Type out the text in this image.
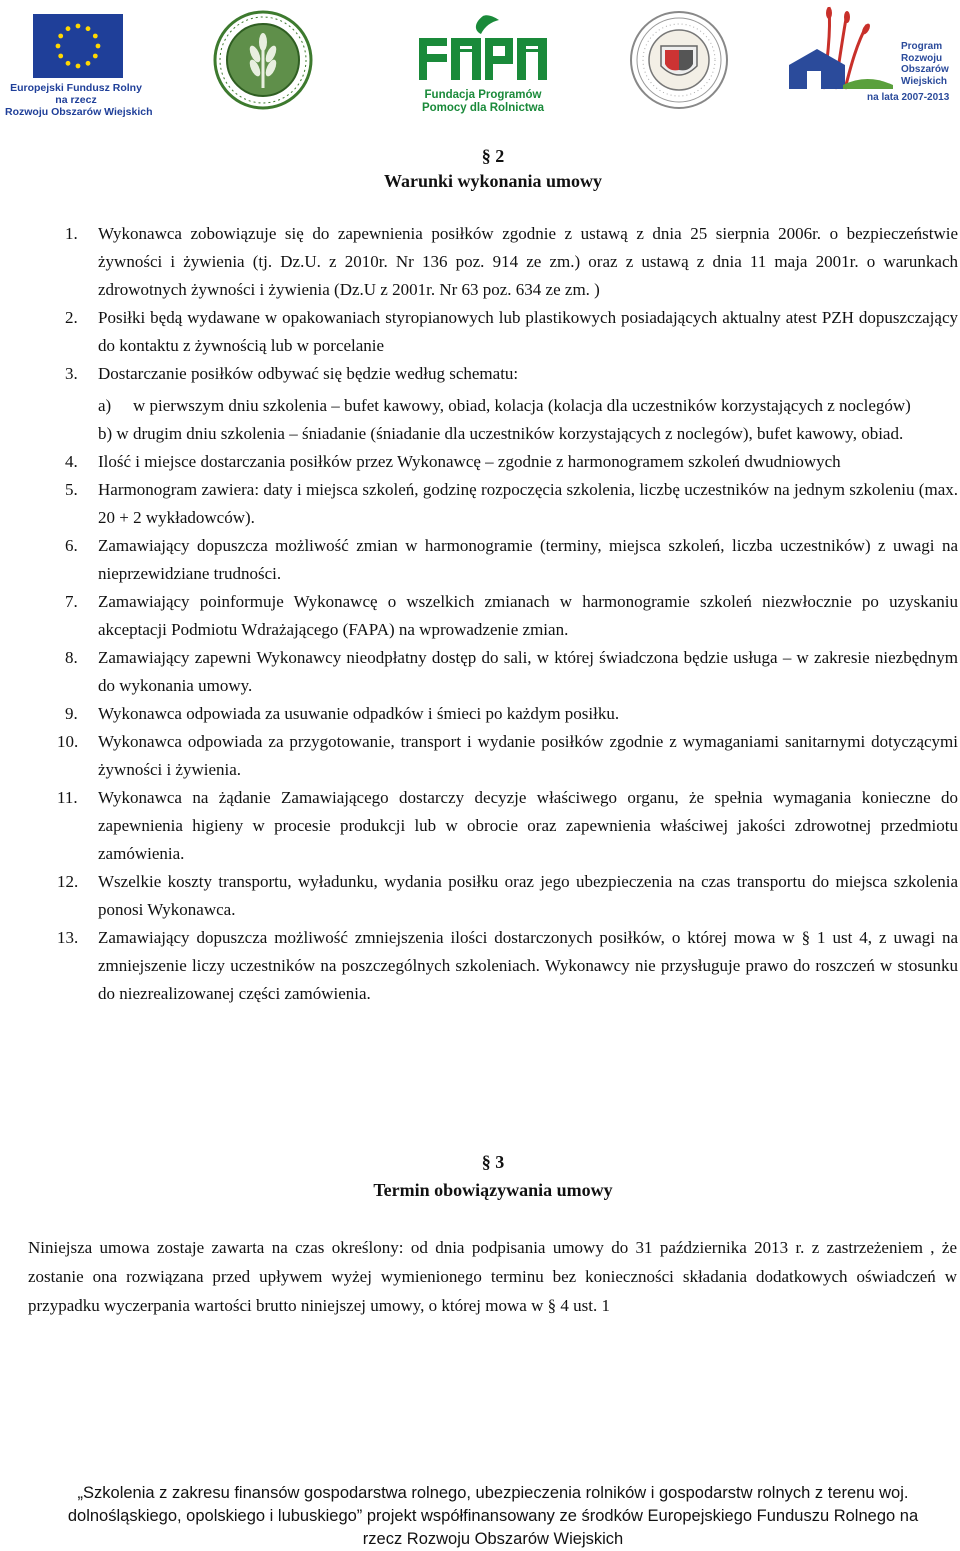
Europejski Fundusz Rolny
na rzecz
Rozwoju Obszarów Wiejskich
Fundacja Programów
Pomocy dla Rolnictwa
Program
Rozwoju
Obszarów
Wiejskich
na lata 2007-2013
§ 2
Warunki wykonania umowy
1. Wykonawca zobowiązuje się do zapewnienia posiłków zgodnie z ustawą z dnia 25 sierpnia 2006r. o bezpieczeństwie żywności i żywienia (tj. Dz.U. z 2010r. Nr 136 poz. 914 ze zm.) oraz z ustawą z dnia 11 maja 2001r. o warunkach zdrowotnych żywności i żywienia (Dz.U z 2001r. Nr 63 poz. 634 ze zm. )
2. Posiłki będą wydawane w opakowaniach styropianowych lub plastikowych posiadających aktualny atest PZH dopuszczający do kontaktu z żywnością lub w porcelanie
3. Dostarczanie posiłków odbywać się będzie według schematu:
a) w pierwszym dniu szkolenia – bufet kawowy, obiad, kolacja (kolacja dla uczestników korzystających z noclegów)
b) w drugim dniu szkolenia – śniadanie (śniadanie dla uczestników korzystających z noclegów), bufet kawowy, obiad.
4. Ilość i miejsce dostarczania posiłków przez Wykonawcę – zgodnie z harmonogramem szkoleń dwudniowych
5. Harmonogram zawiera: daty i miejsca szkoleń, godzinę rozpoczęcia szkolenia, liczbę uczestników na jednym szkoleniu (max. 20 + 2 wykładowców).
6. Zamawiający dopuszcza możliwość zmian w harmonogramie (terminy, miejsca szkoleń, liczba uczestników) z uwagi na nieprzewidziane trudności.
7. Zamawiający poinformuje Wykonawcę o wszelkich zmianach w harmonogramie szkoleń niezwłocznie po uzyskaniu akceptacji Podmiotu Wdrażającego (FAPA) na wprowadzenie zmian.
8. Zamawiający zapewni Wykonawcy nieodpłatny dostęp do sali, w której świadczona będzie usługa – w zakresie niezbędnym do wykonania umowy.
9. Wykonawca odpowiada za usuwanie odpadków i śmieci po każdym posiłku.
10. Wykonawca odpowiada za przygotowanie, transport i wydanie posiłków zgodnie z wymaganiami sanitarnymi dotyczącymi żywności i żywienia.
11. Wykonawca na żądanie Zamawiającego dostarczy decyzje właściwego organu, że spełnia wymagania konieczne do zapewnienia higieny w procesie produkcji lub w obrocie oraz zapewnienia właściwej jakości zdrowotnej przedmiotu zamówienia.
12. Wszelkie koszty transportu, wyładunku, wydania posiłku oraz jego ubezpieczenia na czas transportu do miejsca szkolenia ponosi Wykonawca.
13. Zamawiający dopuszcza możliwość zmniejszenia ilości dostarczonych posiłków, o której mowa w § 1 ust 4, z uwagi na zmniejszenie liczy uczestników na poszczególnych szkoleniach. Wykonawcy nie przysługuje prawo do roszczeń w stosunku do niezrealizowanej części zamówienia.
§ 3
Termin obowiązywania umowy
Niniejsza umowa zostaje zawarta na czas określony: od dnia podpisania umowy do 31 października 2013 r. z zastrzeżeniem , że zostanie ona rozwiązana przed upływem wyżej wymienionego terminu bez konieczności składania dodatkowych oświadczeń w przypadku wyczerpania wartości brutto niniejszej umowy, o której mowa w § 4 ust. 1
„Szkolenia z zakresu finansów gospodarstwa rolnego, ubezpieczenia rolników i gospodarstw rolnych z terenu woj.
dolnośląskiego, opolskiego i lubuskiego” projekt współfinansowany ze środków Europejskiego Funduszu Rolnego na
rzecz Rozwoju Obszarów Wiejskich
